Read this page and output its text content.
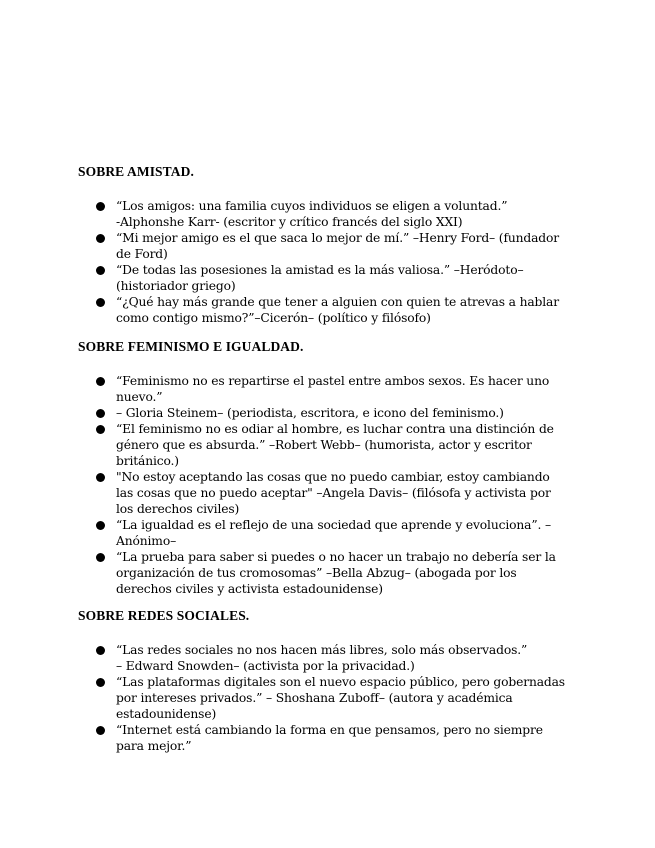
SOBRE AMISTAD.
“Los amigos: una familia cuyos individuos se eligen a voluntad.”
-Alphonshe Karr- (escritor y crítico francés del siglo XXI)
“Mi mejor amigo es el que saca lo mejor de mí.” –Henry Ford– (fundador de Ford)
“De todas las posesiones la amistad es la más valiosa.” –Heródoto– (historiador griego)
“¿Qué hay más grande que tener a alguien con quien te atrevas a hablar como contigo mismo?”–Cicerón– (político y filósofo)
SOBRE FEMINISMO E IGUALDAD.
“Feminismo no es repartirse el pastel entre ambos sexos. Es hacer uno nuevo.”
– Gloria Steinem– (periodista, escritora, e icono del feminismo.)
“El feminismo no es odiar al hombre, es luchar contra una distinción de género que es absurda.” –Robert Webb– (humorista, actor y escritor británico.)
"No estoy aceptando las cosas que no puedo cambiar, estoy cambiando las cosas que no puedo aceptar" –Angela Davis– (filósofa y activista por los derechos civiles)
“La igualdad es el reflejo de una sociedad que aprende y evoluciona”. –Anónimo–
“La prueba para saber si puedes o no hacer un trabajo no debería ser la organización de tus cromosomas” –Bella Abzug– (abogada por los derechos civiles y activista estadounidense)
SOBRE REDES SOCIALES.
“Las redes sociales no nos hacen más libres, solo más observados.”
– Edward Snowden– (activista por la privacidad.)
“Las plataformas digitales son el nuevo espacio público, pero gobernadas por intereses privados.” – Shoshana Zuboff– (autora y académica estadounidense)
“Internet está cambiando la forma en que pensamos, pero no siempre para mejor.”
